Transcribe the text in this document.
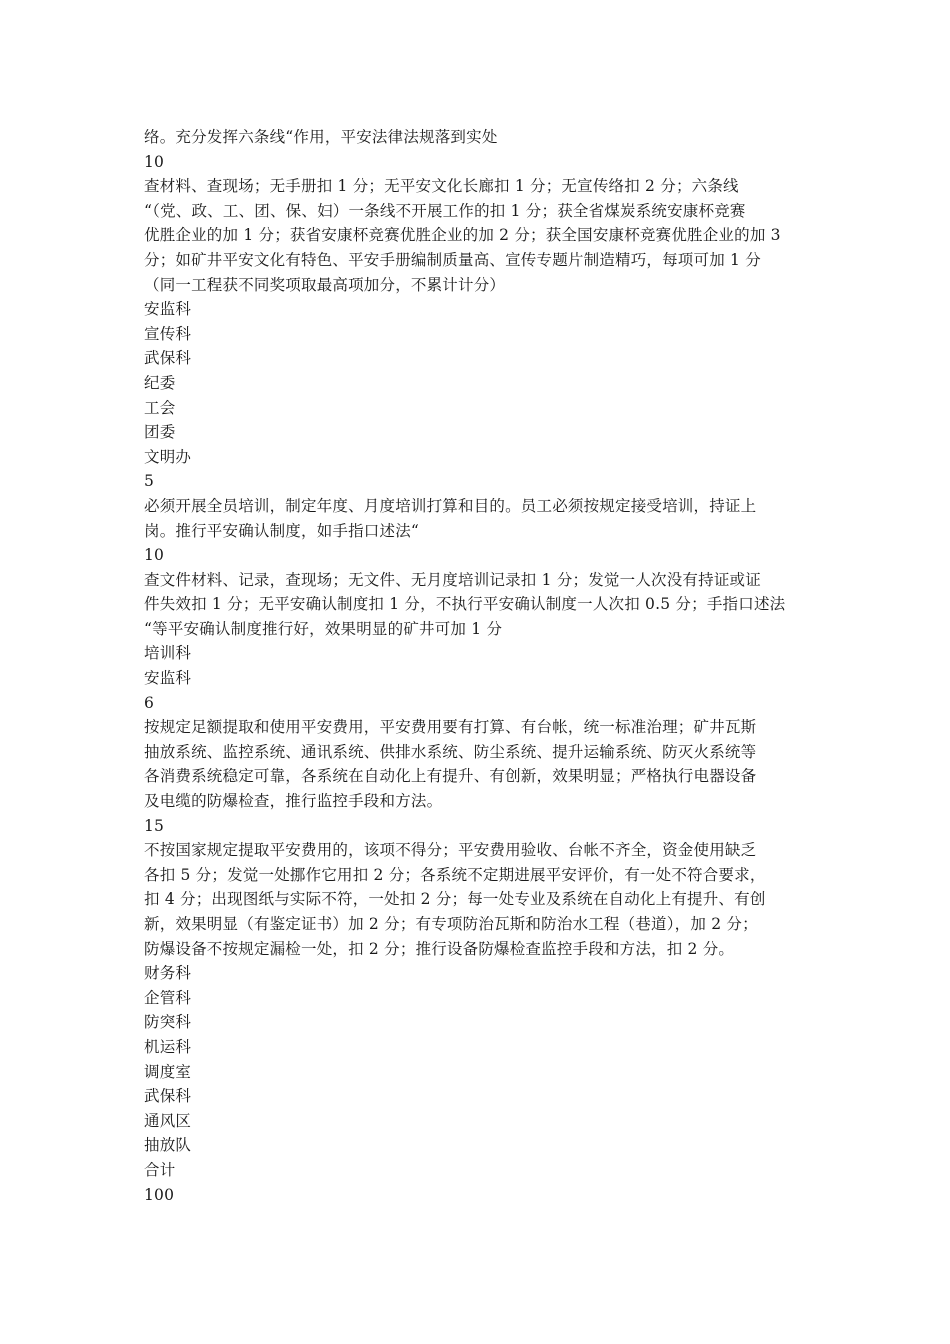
络。充分发挥六条线“作用，平安法律法规落到实处
10
查材料、查现场；无手册扣 1 分；无平安文化长廊扣 1 分；无宣传络扣 2 分；六条线
“（党、政、工、团、保、妇）一条线不开展工作的扣 1 分；获全省煤炭系统安康杯竞赛
优胜企业的加 1 分；获省安康杯竞赛优胜企业的加 2 分；获全国安康杯竞赛优胜企业的加 3
分；如矿井平安文化有特色、平安手册编制质量高、宣传专题片制造精巧，每项可加 1 分
（同一工程获不同奖项取最高项加分，不累计计分）
安监科
宣传科
武保科
纪委
工会
团委
文明办
5
必须开展全员培训，制定年度、月度培训打算和目的。员工必须按规定接受培训，持证上
岗。推行平安确认制度，如手指口述法“
10
查文件材料、记录，查现场；无文件、无月度培训记录扣 1 分；发觉一人次没有持证或证
件失效扣 1 分；无平安确认制度扣 1 分，不执行平安确认制度一人次扣 0.5 分；手指口述法
“等平安确认制度推行好，效果明显的矿井可加 1 分
培训科
安监科
6
按规定足额提取和使用平安费用，平安费用要有打算、有台帐，统一标准治理；矿井瓦斯
抽放系统、监控系统、通讯系统、供排水系统、防尘系统、提升运输系统、防灭火系统等
各消费系统稳定可靠，各系统在自动化上有提升、有创新，效果明显；严格执行电器设备
及电缆的防爆检查，推行监控手段和方法。
15
不按国家规定提取平安费用的，该项不得分；平安费用验收、台帐不齐全，资金使用缺乏
各扣 5 分；发觉一处挪作它用扣 2 分；各系统不定期进展平安评价，有一处不符合要求，
扣 4 分；出现图纸与实际不符，一处扣 2 分；每一处专业及系统在自动化上有提升、有创
新，效果明显（有鉴定证书）加 2 分；有专项防治瓦斯和防治水工程（巷道），加 2 分；
防爆设备不按规定漏检一处，扣 2 分；推行设备防爆检查监控手段和方法，扣 2 分。
财务科
企管科
防突科
机运科
调度室
武保科
通风区
抽放队
合计
100
